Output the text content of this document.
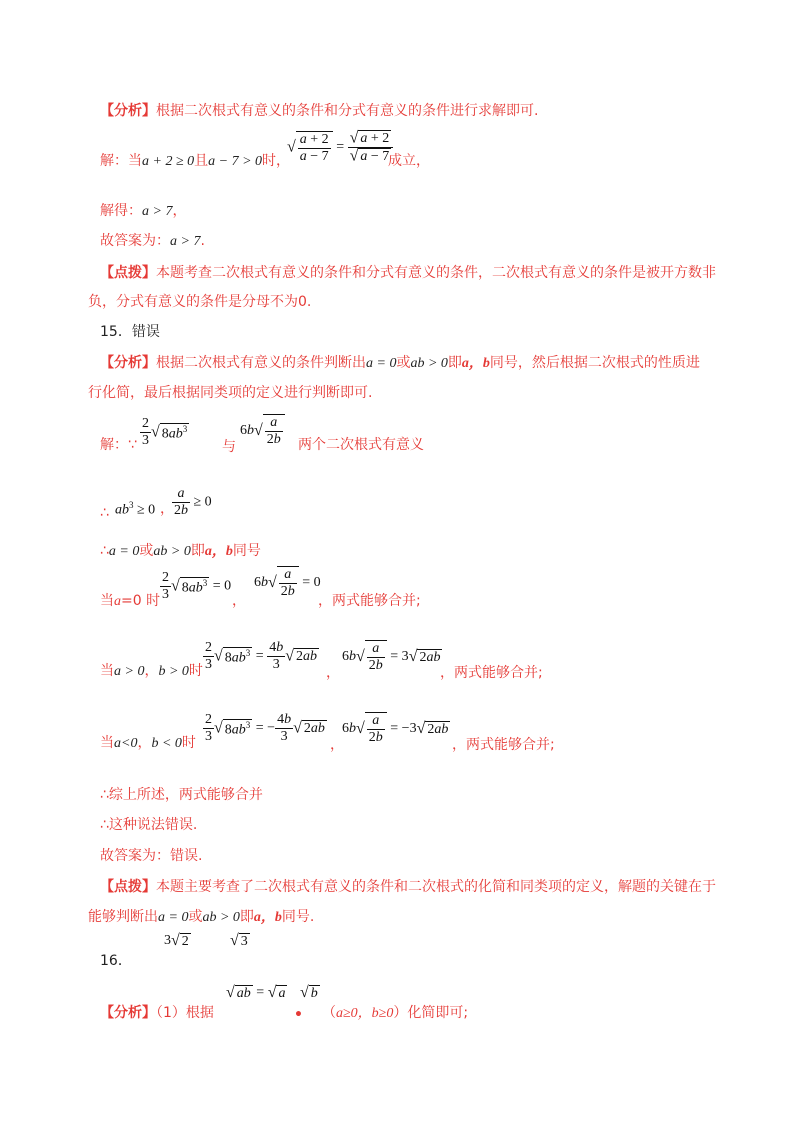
【分析】根据二次根式有意义的条件和分式有意义的条件进行求解即可.
解：当a + 2 ≥ 0且a − 7 > 0时，
√ $\frac{a + 2}{a - 7} = \frac{√ a + 2}{√ a - 7}$
成立，
解得：a > 7，
故答案为：a > 7.
【点拨】本题考查二次根式有意义的条件和分式有意义的条件，二次根式有意义的条件是被开方数非
负，分式有意义的条件是分母不为0.
15．错误
【分析】根据二次根式有意义的条件判断出a = 0或ab > 0即a，b同号，然后根据二次根式的性质进
行化简，最后根据同类项的定义进行判断即可.
解：∵ $\frac{2}{3}$ √ $8ab^3$
与
$6b√ \frac{a}{2b}$ 两个二次根式有意义
∴ $ab^3 \ge 0$ ，
$\frac{a}{2b} \ge 0$
∴a = 0或ab > 0即a，b同号
当a=0 时 $\frac{2}{3}$ √ $8ab^3 = 0$
，
$6b√ \frac{a}{2b} = 0$
，两式能够合并;
当a > 0，b > 0时 $\frac{2}{3}$ √ $8ab^3 = \frac{4b}{3}$ √ 2ab
，
$6b√ \frac{a}{2b} = 3√$ 2ab
，两式能够合并;
当a<0，b < 0时 $\frac{2}{3}$ √ $8ab^3$ = − $\frac{4b}{3}$ √ 2ab
，
$6b√ \frac{a}{2b} = -3√$ 2ab
，两式能够合并;
∴综上所述，两式能够合并
∴这种说法错误.
故答案为：错误.
【点拨】本题主要考查了二次根式有意义的条件和二次根式的化简和同类项的定义，解题的关键在于
能够判断出a = 0或ab > 0即a，b同号.
16．
3√ 2	√ 3
【分析】（1）根据
√ ab = √ a
•
√ b
（a≥0，b≥0）化简即可;
